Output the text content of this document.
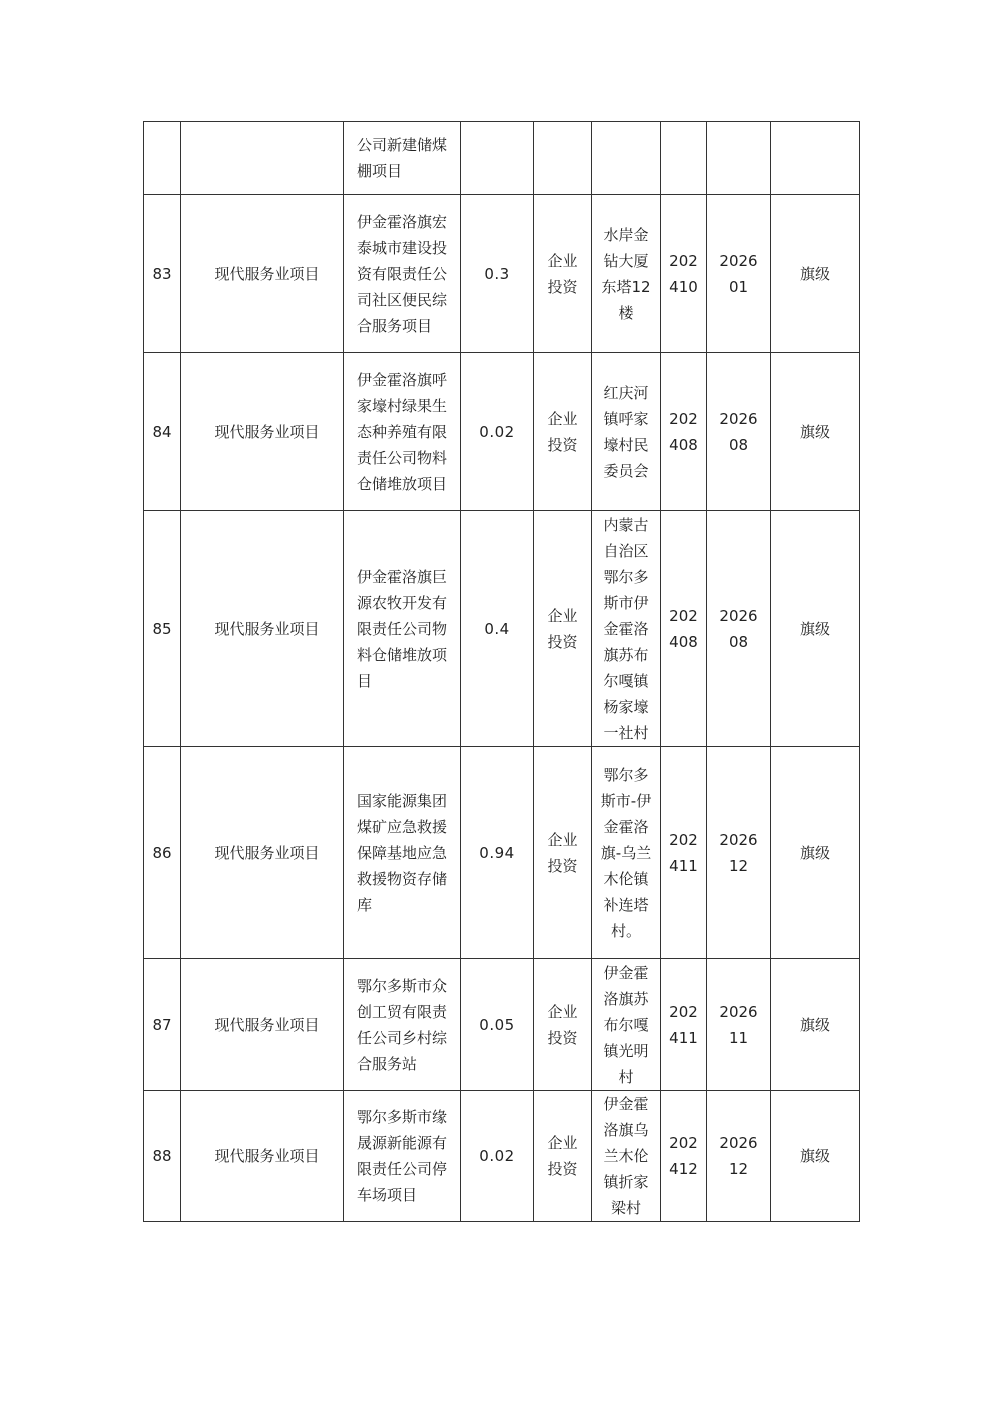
		公司新建储煤棚项目						

83	现代服务业项目	伊金霍洛旗宏泰城市建设投资有限责任公司社区便民综合服务项目	0.3	企业投资	水岸金钻大厦东塔12楼	202410	202601	旗级

84	现代服务业项目	伊金霍洛旗呼家壕村绿果生态种养殖有限责任公司物料仓储堆放项目	0.02	企业投资	红庆河镇呼家壕村民委员会	202408	202608	旗级

85	现代服务业项目	伊金霍洛旗巨源农牧开发有限责任公司物料仓储堆放项目	0.4	企业投资	内蒙古自治区鄂尔多斯市伊金霍洛旗苏布尔嘎镇杨家壕一社村	202408	202608	旗级

86	现代服务业项目	国家能源集团煤矿应急救援保障基地应急救援物资存储库	0.94	企业投资	鄂尔多斯市-伊金霍洛旗-乌兰木伦镇补连塔村。	202411	202612	旗级

87	现代服务业项目	鄂尔多斯市众创工贸有限责任公司乡村综合服务站	0.05	企业投资	伊金霍洛旗苏布尔嘎镇光明村	202411	202611	旗级

88	现代服务业项目	鄂尔多斯市缘晟源新能源有限责任公司停车场项目	0.02	企业投资	伊金霍洛旗乌兰木伦镇折家梁村	202412	202612	旗级
